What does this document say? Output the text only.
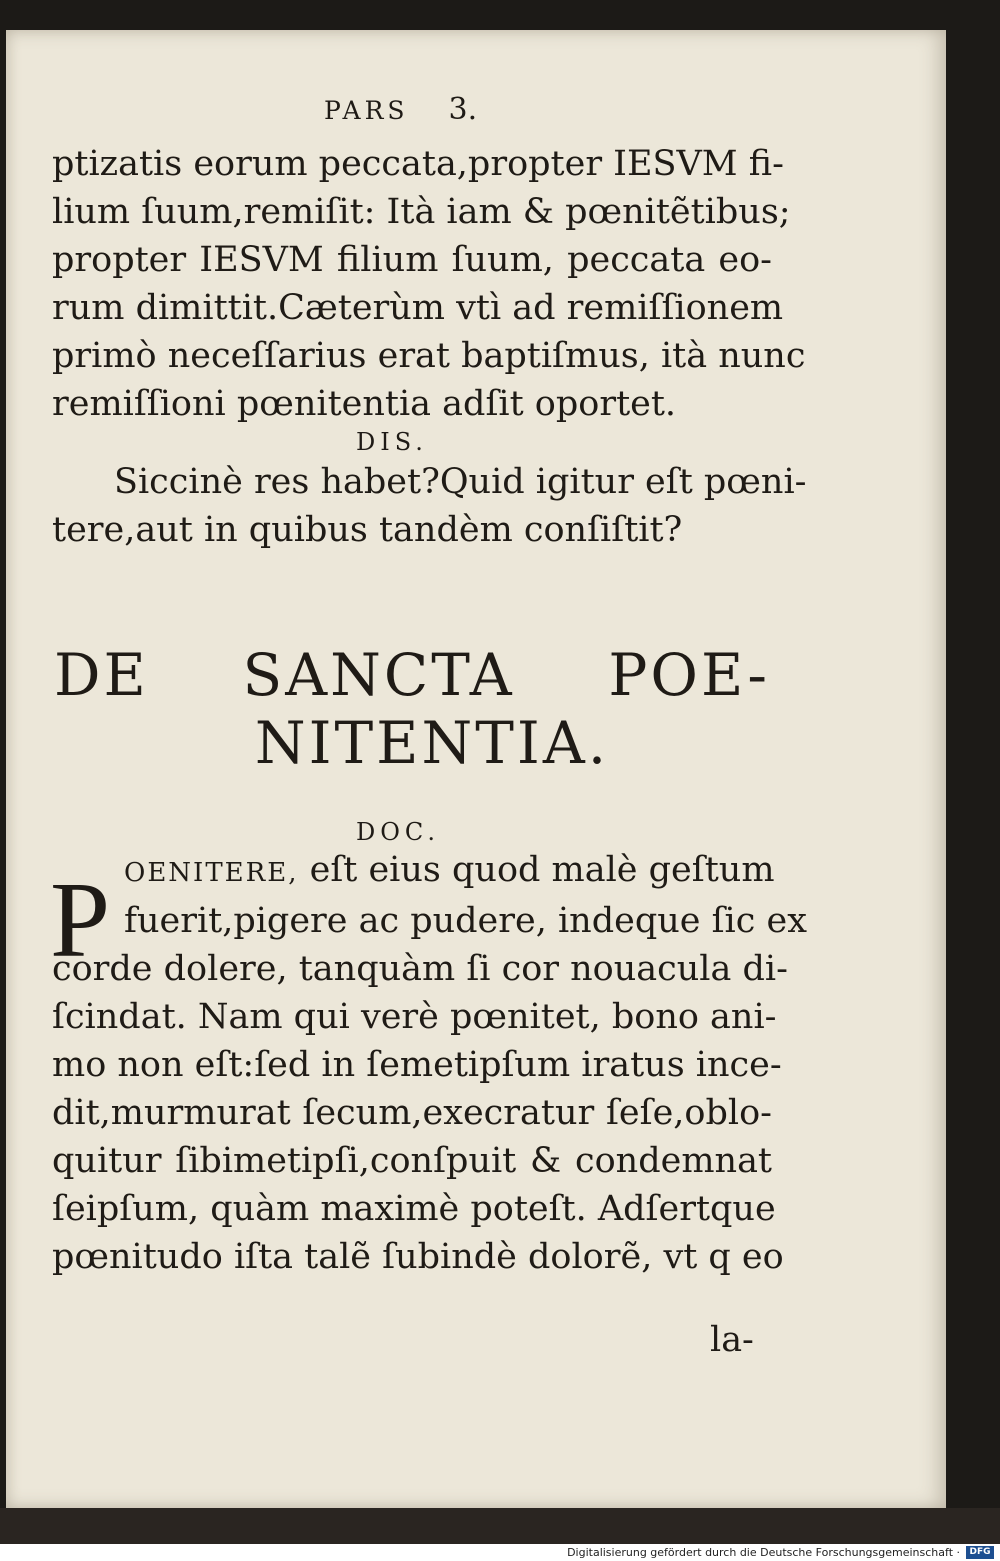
PARS 3.
ptizatis eorum peccata,propter IESVM fi-
lium ſuum,remiſit: Ità iam & pœnitẽtibus;
propter IESVM filium ſuum, peccata eo-
rum dimittit.Cæterùm vtì ad remiſſionem
primò neceſſarius erat baptiſmus, ità nunc
remiſſioni pœnitentia adſit oportet.
DIS.
Siccinè res habet?Quid igitur eſt pœni-
tere,aut in quibus tandèm conſiſtit?
DE SANCTA POE-
NITENTIA.
DOC.
P OENITERE, eſt eius quod malè geſtum
fuerit,pigere ac pudere, indeque ſic ex
corde dolere, tanquàm ſi cor nouacula di-
ſcindat. Nam qui verè pœnitet, bono ani-
mo non eſt:ſed in ſemetipſum iratus ince-
dit,murmurat ſecum,execratur ſeſe,oblo-
quitur ſibimetipſi,conſpuit & condemnat
ſeipſum, quàm maximè poteſt. Adſertque
pœnitudo iſta talẽ ſubindè dolorẽ, vt q eo
la-
Digitalisierung gefördert durch die Deutsche Forschungsgemeinschaft ·	DFG
